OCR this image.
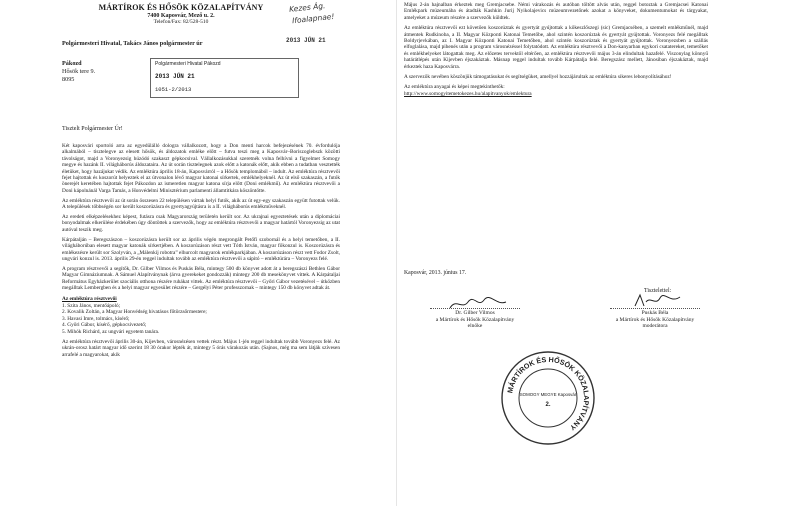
MÁRTÍROK ÉS HŐSÖK KÖZALAPÍTVÁNY
7400 Kaposvár, Mező u. 2.
Telefon/Fax: 82/528-510
Kezes Ág.
Ifoalapnae!
2013 JÚN 21
Polgármesteri Hivatal, Takács János polgármester úr
Pákozd
Hősök tere 9.
8095
Polgármesteri Hivatal Pákozd
2013 JÚN 21
1051-2/2013
Tisztelt Polgármester Úr!

Két kaposvári sportoló arra az egyedülálló dologra vállalkozott, hogy a Don menti harcok befejezésének 70. évfordulója alkalmából – tisztelegve az elesett hősök, és áldozatok emléke előtt – futva teszi meg a Kaposvár–Boriszoglebszk közötti távolságot, majd a Voronyezsig húzódó szakaszt gépkocsival. Vállalkozásukkal szeretnék volna felhívni a figyelmet Somogy megye és hazánk II. világháborús áldozataira. Az út során tisztelegnek azok előtt a katonák előtt, akik ebben a tudatban vesztették életüket, hogy hazájukat védik. Az emléktúra április 18-án, Kaposvárról – a Hősök templomából – indult. Az emléktúra résztvevői fejet hajtottak és koszorút helyeztek el az útvonalon lévő magyar katonai sírkertek, emlékhelyeknél. Az út első szakaszán, a futók önerejét keretében hajtottak fejet Pákozdon az ismeretlen magyar katona sírja előtt (Doni emlékmű). Az emléktúra résztvevői a Doni kápolnánál Varga Tamás, a Honvédelmi Minisztérium parlamenti államtitkára köszöntötte.

Az emléktúra résztvevői az út során összesen 22 településen vártak helyi futók, akik az út egy-egy szakaszán együtt futottak velük. A települések többségén sor került koszorúzásra és gyertyagyújtásra is a II. világháborús emlékműveknél.

Az eredeti elképzelésekhez képest, futásra csak Magyarország területén került sor. Az ukrajnai egyeztetések után a diplomáciai bonyodalmak elkerülése érdekében úgy döntöttek a szervezők, hogy az emléktúra résztvevői a magyar határtól Voronyezsig az utat autóval teszik meg.

Kárpátalján – Beregszászon – koszorúzásra került sor az április végén megrongált Petőfi szobornál és a helyi temetőben, a II. világháborúban elesett magyar katonák sírkertjében. A koszorúzáson részt vett Tóth István, magyar főkonzul is. Koszorúzásra és emlékezésre került sor Szolyván, a „Málenkij robotra” elhurcolt magyarok emlékparkjában. A koszorúzáson részt vett Fodor Zsolt, ungvári konzul is. 2013. április 29-én reggel indultak tovább az emléktúra résztvevői a sápitó – emléktúrára – Voronyezs felé.

A program résztvevői a segítők, Dr. Gilber Vilmos és Puskás Béla, mintegy 500 db könyvet adott át a beregszászi Bethlen Gábor Magyar Gimnáziumnak. A Sámuel Alapítványnak (árva gyerekeket gondozzák) mintegy 200 db mesekönyvet vittek. A Kárpátaljai Református Egyházkerület szociális otthona részére ruhákat vittek. Az emléktúra résztvevői – Győri Gábor vezetésével – útközben megálltak Lembergben és a helyi magyar egyesület részére – Gergélyi Péter professzornak – mintegy 150 db könyvet adtak át.

Az emléktúra résztvevői
1. Szita János, mentőápoló;
2. Kovalik Zoltán, a Magyar Honvédség hivatásos főtörzsőrmestere;
3. Havasi Imre, tolmács, kísérő;
4. Győri Gábor, kísérő, gépkocsivezető;
5. Mihók Richárd, az ungvári egyetem tanára.

Az emléktúra résztvevői április 30-án, Kijevben, városnézésen vettek részt. Május 1-jén reggel indultak tovább Voronyezs felé. Az ukrán-orosz határt magyar idő szerint 18 30 órakor lépték át, mintegy 5 órás várakozás után. (Sajnos, még ma sem látják szívesen arrafelé a magyarokat, akik

Május 2-án hajnalban érkeztek meg Gremjacsebe. Némi várakozás és autóban töltött alvás után, reggel botoztak a Gremjacsei Katonai Emlékpark múzeumába és átadták Kashkin Jurij Nyikolajevics múzeumvezetőnek azokat a könyveket, dokumentumokat és tárgyakat, amelyeket a múzeum részére a szervezők küldtek.

Az emléktúra résztvevői ezt követően koszorúztak és gyertyát gyújtottak a kőkeszlőszegi (sic) Gremjacsében, a szemelt emlékműnél, majd átmentek Rudkinoba, a II. Magyar Központi Katonai Temetőbe, ahol szintén koszorúztak és gyertyát gyújtottak. Voronyezs felé megálltak Boldyrjevkában, az I. Magyar Központi Katonai Temetőben, ahol szintén koszorúztak és gyertyát gyújtottak. Voronyezsben a szállás elfoglalása, majd pihenés után a program városnézéssel folytatódott. Az emléktúra résztvevői a Don-kanyarban egykori csatatereket, temetőket és emlékhelyeket látogattak meg. Az előzetes tervektől eltérően, az emléktúra résztvevői május 3-án elindultak hazafelé. Viszonylag könnyű határátlépés után Kijevben éjszakáztak. Másnap reggel indultak tovább Kárpátalja felé. Beregszász mellett, Jánosiban éjszakáztak, majd érkeztek haza Kaposvárra.

A szervezők nevében köszönjük támogatásukat és segítségüket, amellyel hozzájárultak az emléktúra sikeres lebonyolításához!

Az emléktúra anyagai és képei megtekinthetők:

http://www.somogyitemetokezes.hu/alapitvanyok/emlektura

Kaposvár, 2013. június 17.
Tisztelettel:
Dr. Gilber Vilmos
a Mártírok és Hősök Közalapítvány
elnöke
Puskás Béla
a Mártírok és Hősök Közalapítvány
moderátora
MÁRTÍROK ÉS HŐSÖK KÖZALAPÍTVÁNY
SOMOGY MEGYE Kaposvár
2.
